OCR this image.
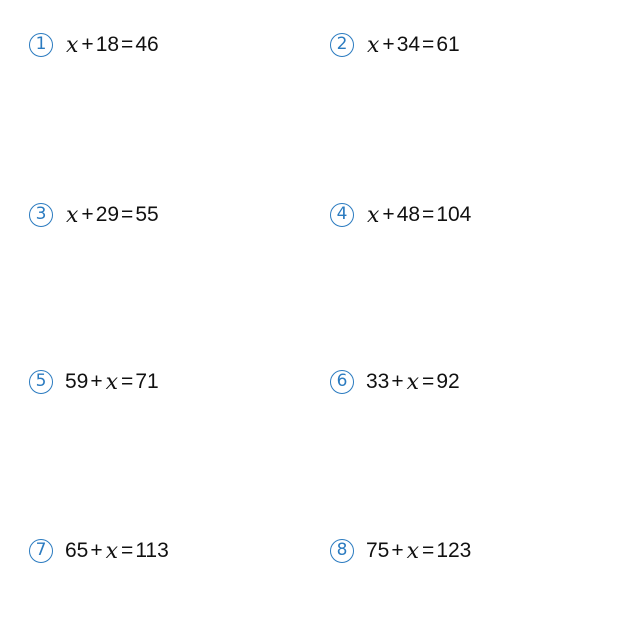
1 x + 18 = 46	2 x + 34 = 61
3 x + 29 = 55	4 x + 48 = 104
5 59 + x = 71	6 33 + x = 92
7 65 + x = 113	8 75 + x = 123
